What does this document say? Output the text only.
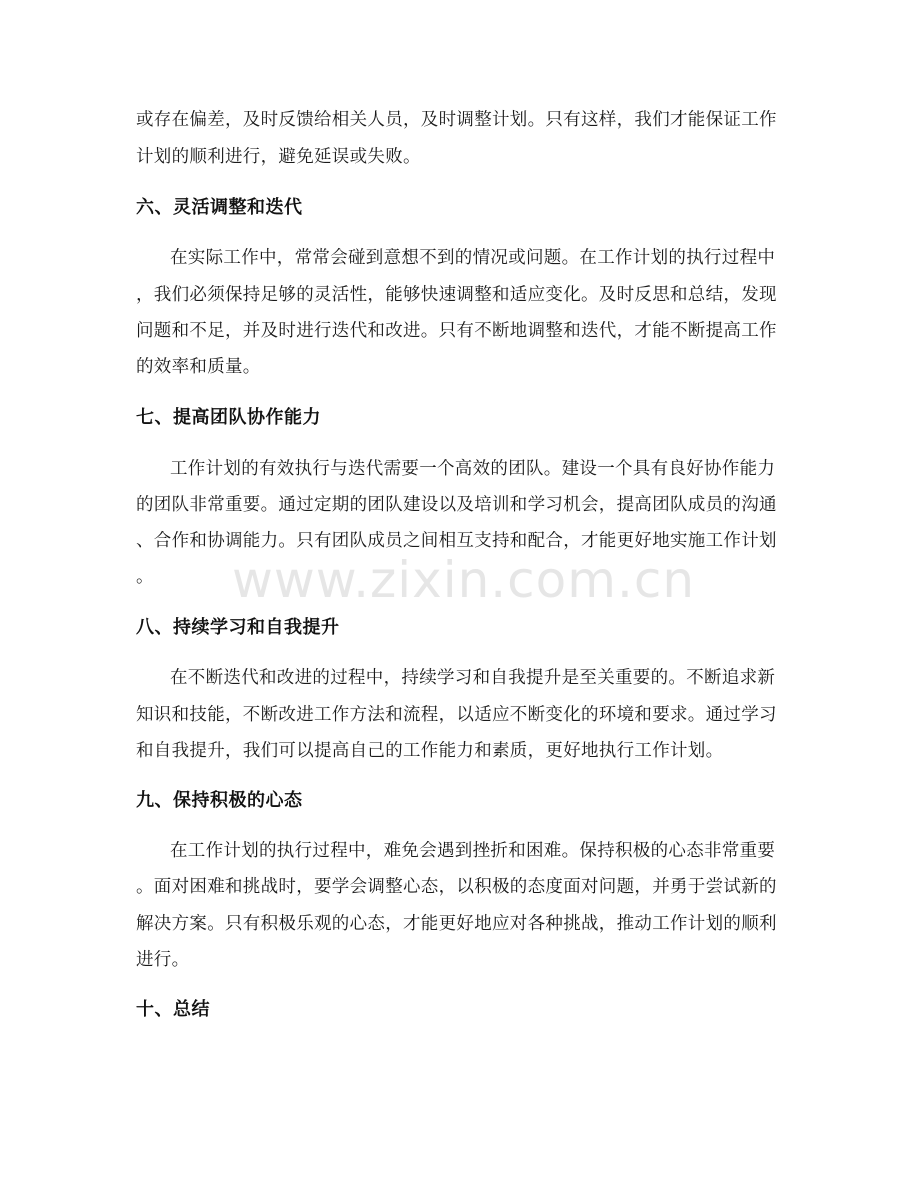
www.zixin.com.cn
或存在偏差，及时反馈给相关人员，及时调整计划。只有这样，我们才能保证工作
计划的顺利进行，避免延误或失败。
六、灵活调整和迭代
在实际工作中，常常会碰到意想不到的情况或问题。在工作计划的执行过程中
，我们必须保持足够的灵活性，能够快速调整和适应变化。及时反思和总结，发现
问题和不足，并及时进行迭代和改进。只有不断地调整和迭代，才能不断提高工作
的效率和质量。
七、提高团队协作能力
工作计划的有效执行与迭代需要一个高效的团队。建设一个具有良好协作能力
的团队非常重要。通过定期的团队建设以及培训和学习机会，提高团队成员的沟通
、合作和协调能力。只有团队成员之间相互支持和配合，才能更好地实施工作计划
。
八、持续学习和自我提升
在不断迭代和改进的过程中，持续学习和自我提升是至关重要的。不断追求新
知识和技能，不断改进工作方法和流程，以适应不断变化的环境和要求。通过学习
和自我提升，我们可以提高自己的工作能力和素质，更好地执行工作计划。
九、保持积极的心态
在工作计划的执行过程中，难免会遇到挫折和困难。保持积极的心态非常重要
。面对困难和挑战时，要学会调整心态，以积极的态度面对问题，并勇于尝试新的
解决方案。只有积极乐观的心态，才能更好地应对各种挑战，推动工作计划的顺利
进行。
十、总结
